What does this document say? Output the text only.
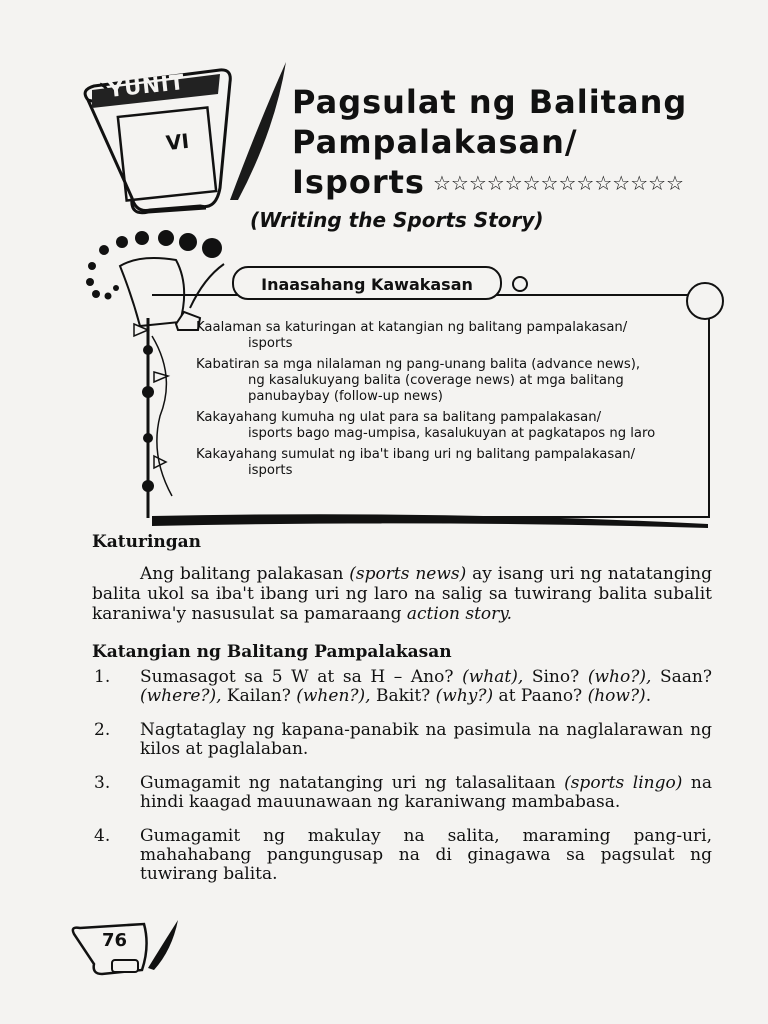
YUNIT
VI
Pagsulat ng Balitang
Pampalakasan/
Isports ☆☆☆☆☆☆☆☆☆☆☆☆☆☆
(Writing the Sports Story)
Inaasahang Kawakasan
Kaalaman sa katuringan at katangian ng balitang pampalakasan/
isports
Kabatiran sa mga nilalaman ng pang-unang balita (advance news),
ng kasalukuyang balita (coverage news) at mga balitang panubaybay (follow-up news)
Kakayahang kumuha ng ulat para sa balitang pampalakasan/
isports bago mag-umpisa, kasalukuyan at pagkatapos ng laro
Kakayahang sumulat ng iba't ibang uri ng balitang pampalakasan/
isports
Katuringan
Ang balitang palakasan (sports news) ay isang uri ng natatanging balita ukol sa iba't ibang uri ng laro na salig sa tuwirang balita subalit karaniwa'y nasusulat sa pamaraang action story.
Katangian ng Balitang Pampalakasan
1.	Sumasagot sa 5 W at sa H – Ano? (what), Sino? (who?), Saan? (where?), Kailan? (when?), Bakit? (why?) at Paano? (how?).
2.	Nagtataglay ng kapana-panabik na pasimula na naglalarawan ng kilos at paglalaban.
3.	Gumagamit ng natatanging uri ng talasalitaan (sports lingo) na hindi kaagad mauunawaan ng karaniwang mambabasa.
4.	Gumagamit ng makulay na salita, maraming pang-uri, mahahabang pangungusap na di ginagawa sa pagsulat ng tuwirang balita.
76
